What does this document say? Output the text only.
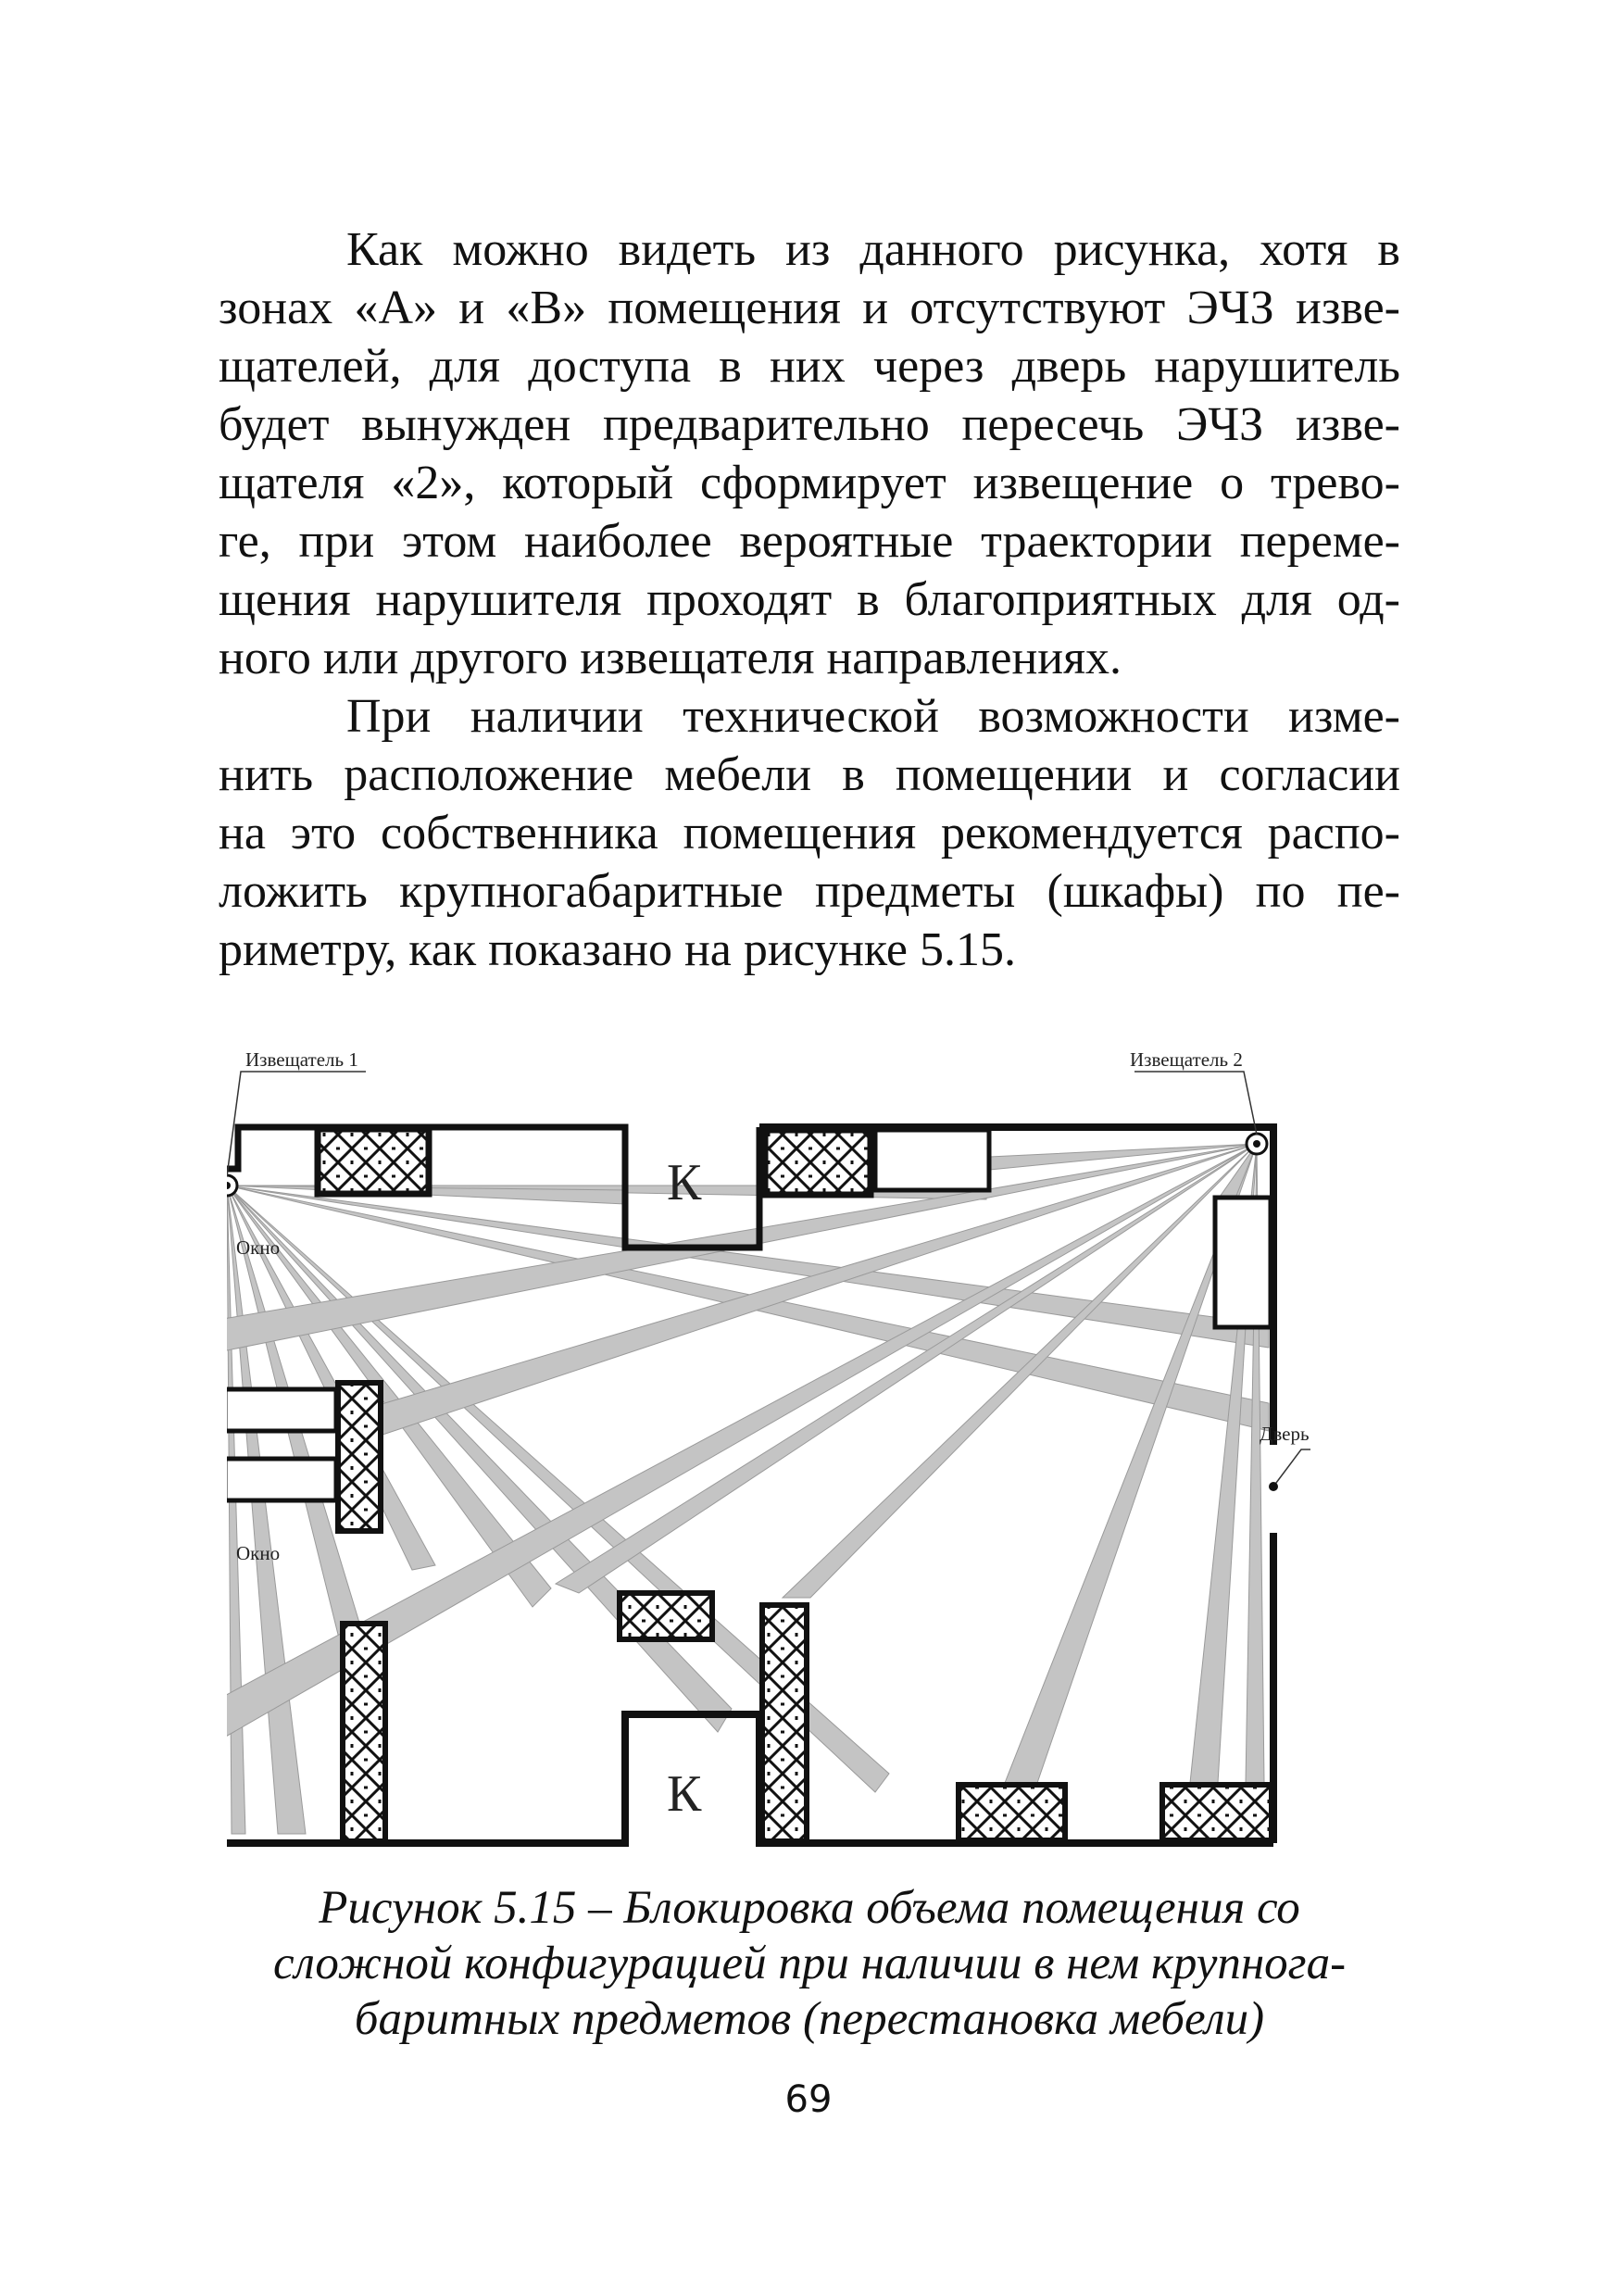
Как можно видеть из данного рисунка, хотя в
зонах «А» и «В» помещения и отсутствуют ЭЧЗ изве-
щателей, для доступа в них через дверь нарушитель
будет вынужден предварительно пересечь ЭЧЗ изве-
щателя «2», который сформирует извещение о трево-
ге, при этом наиболее вероятные траектории переме-
щения нарушителя проходят в благоприятных для од-
ного или другого извещателя направлениях.
При наличии технической возможности изме-
нить расположение мебели в помещении и согласии
на это собственника помещения рекомендуется распо-
ложить крупногабаритные предметы (шкафы) по пе-
риметру, как показано на рисунке 5.15.
Извещатель 1	Извещатель 2
К
К
Дверь
Окно
Окно
Рисунок 5.15 – Блокировка объема помещения со
сложной конфигурацией при наличии в нем крупнога-
баритных предметов (перестановка мебели)
69
